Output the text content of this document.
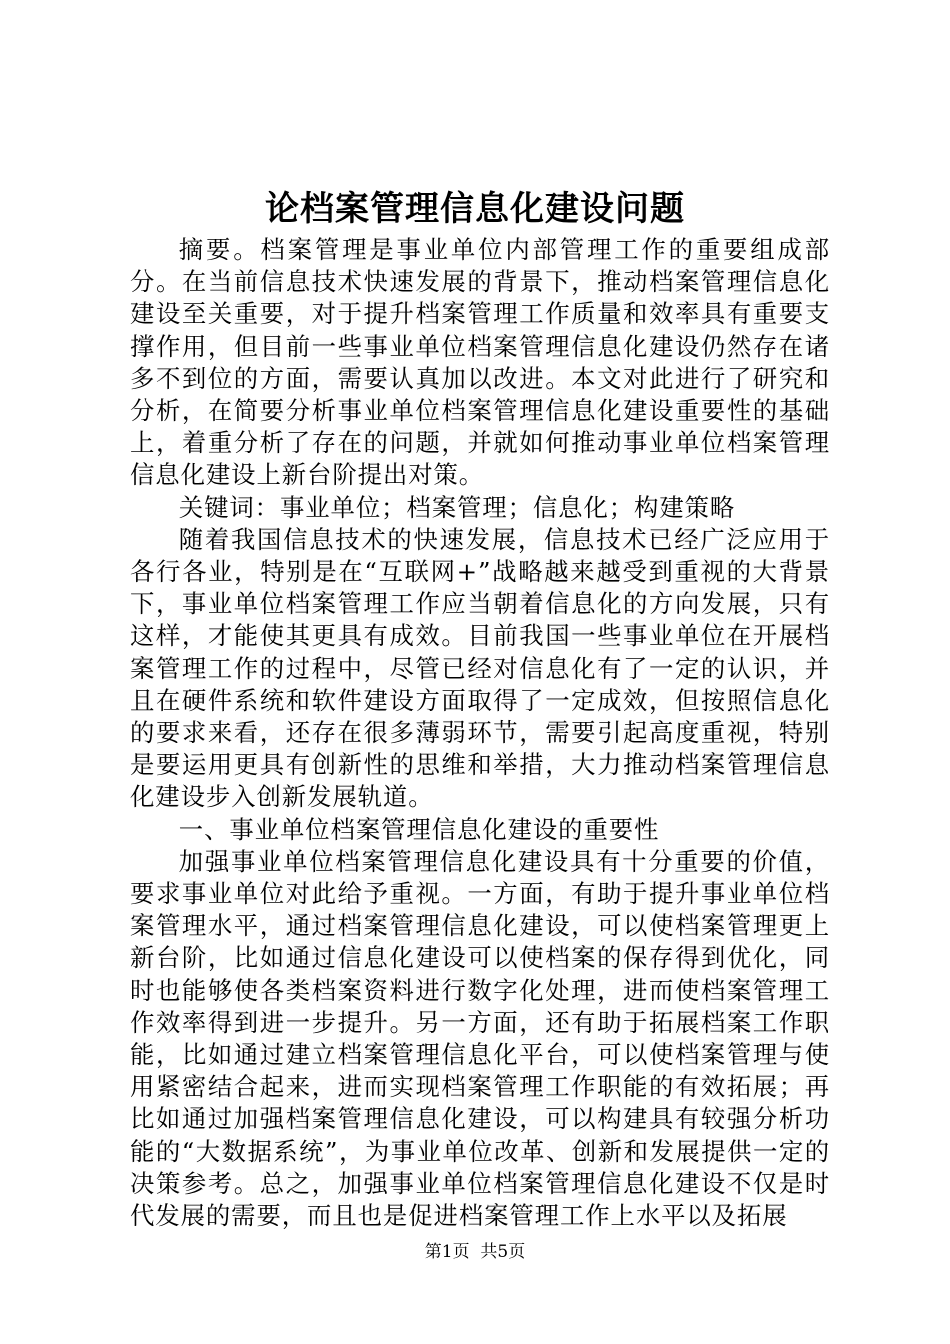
论档案管理信息化建设问题

摘要。档案管理是事业单位内部管理工作的重要组成部分。在当前信息技术快速发展的背景下，推动档案管理信息化建设至关重要，对于提升档案管理工作质量和效率具有重要支撑作用，但目前一些事业单位档案管理信息化建设仍然存在诸多不到位的方面，需要认真加以改进。本文对此进行了研究和分析，在简要分析事业单位档案管理信息化建设重要性的基础上，着重分析了存在的问题，并就如何推动事业单位档案管理信息化建设上新台阶提出对策。

关键词：事业单位；档案管理；信息化；构建策略

随着我国信息技术的快速发展，信息技术已经广泛应用于各行各业，特别是在“互联网+”战略越来越受到重视的大背景下，事业单位档案管理工作应当朝着信息化的方向发展，只有这样，才能使其更具有成效。目前我国一些事业单位在开展档案管理工作的过程中，尽管已经对信息化有了一定的认识，并且在硬件系统和软件建设方面取得了一定成效，但按照信息化的要求来看，还存在很多薄弱环节，需要引起高度重视，特别是要运用更具有创新性的思维和举措，大力推动档案管理信息化建设步入创新发展轨道。

一、事业单位档案管理信息化建设的重要性

加强事业单位档案管理信息化建设具有十分重要的价值，要求事业单位对此给予重视。一方面，有助于提升事业单位档案管理水平，通过档案管理信息化建设，可以使档案管理更上新台阶，比如通过信息化建设可以使档案的保存得到优化，同时也能够使各类档案资料进行数字化处理，进而使档案管理工作效率得到进一步提升。另一方面，还有助于拓展档案工作职能，比如通过建立档案管理信息化平台，可以使档案管理与使用紧密结合起来，进而实现档案管理工作职能的有效拓展；再比如通过加强档案管理信息化建设，可以构建具有较强分析功能的“大数据系统”，为事业单位改革、创新和发展提供一定的决策参考。总之，加强事业单位档案管理信息化建设不仅是时代发展的需要，而且也是促进档案管理工作上水平以及拓展

第1页  共5页
